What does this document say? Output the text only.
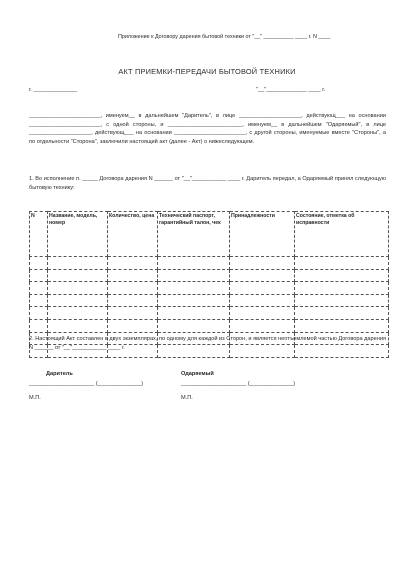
Приложение к Договору дарения бытовой техники от "__" __________ ____ г. N ____
АКТ ПРИЕМКИ-ПЕРЕДАЧИ БЫТОВОЙ ТЕХНИКИ
г. ______________	"__"_____________ ____ г.
_______________________, именуем__ в дальнейшем "Даритель", в лице ____________________, действующ___ на основании _______________________, с одной стороны, и ________________________, именуем__ в дальнейшем "Одаряемый", в лице ____________________, действующ___ на основании _______________________, с другой стороны, именуемые вместе "Стороны", а по отдельности "Сторона", заключили настоящий акт (далее - Акт) о нижеследующем.
1. Во исполнение п. _____ Договора дарения N ______ от "__"___________ ____ г. Даритель передал, а Одаряемый принял следующую бытовую технику:
N	Название, модель, номер	Количество, цена	Технический паспорт, гарантийный талон, чек	Принадлежности	Состояние, отметка об исправности

2. Настоящий Акт составлен в двух экземплярах, по одному для каждой из Сторон, и является неотъемлемой частью Договора дарения N ______ от "__"___________ ____ г.
Даритель	Одаряемый
_____________________ (______________)	_____________________ (______________)
М.П.	М.П.
